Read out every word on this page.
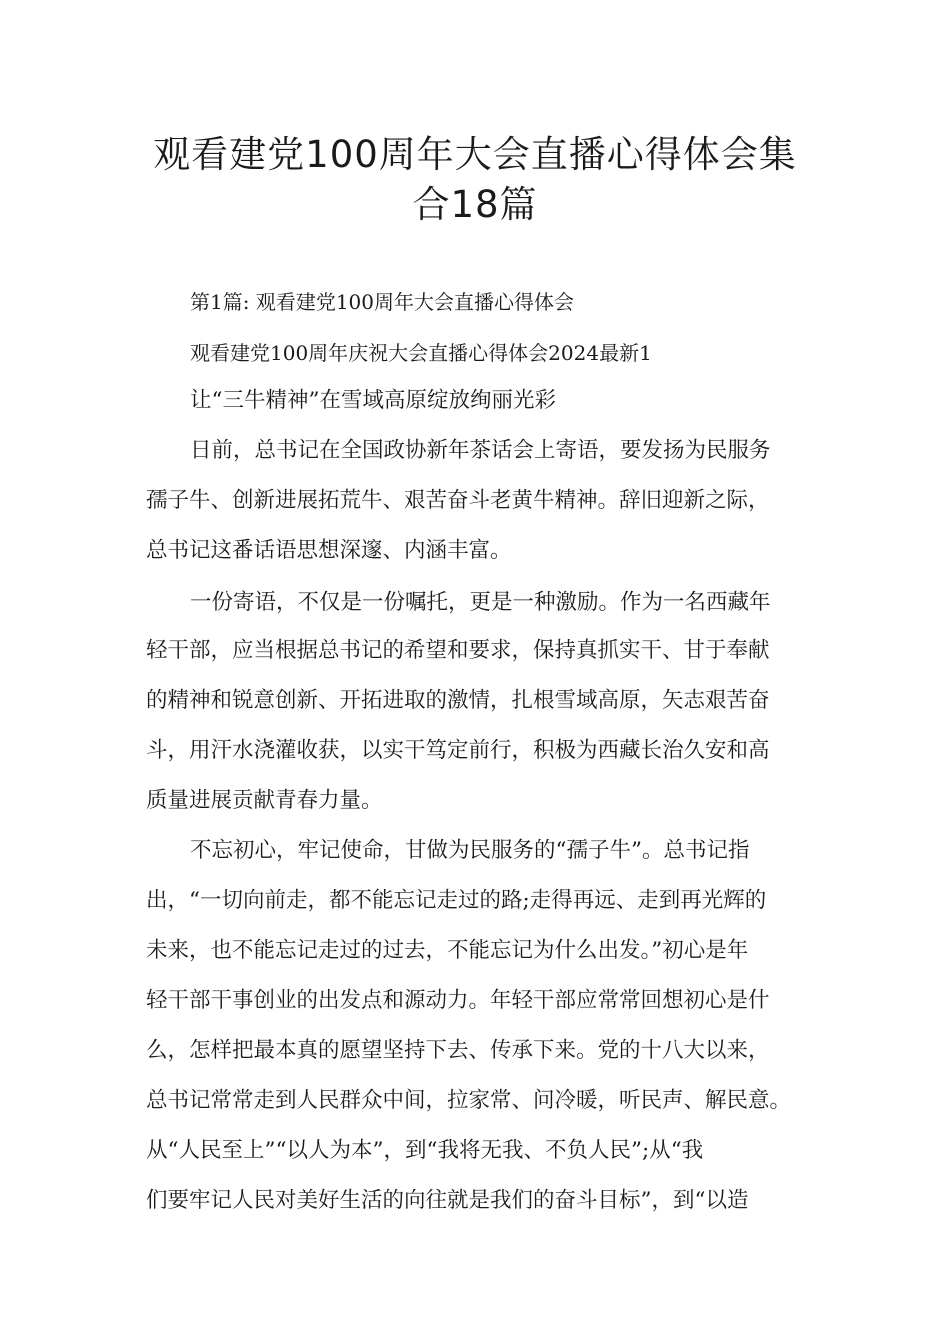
观看建党100周年大会直播心得体会集
合18篇

第1篇: 观看建党100周年大会直播心得体会

观看建党100周年庆祝大会直播心得体会2024最新1

让“三牛精神”在雪域高原绽放绚丽光彩

日前，总书记在全国政协新年茶话会上寄语，要发扬为民服务

孺子牛、创新进展拓荒牛、艰苦奋斗老黄牛精神。辞旧迎新之际，

总书记这番话语思想深邃、内涵丰富。

一份寄语，不仅是一份嘱托，更是一种激励。作为一名西藏年

轻干部，应当根据总书记的希望和要求，保持真抓实干、甘于奉献

的精神和锐意创新、开拓进取的激情，扎根雪域高原，矢志艰苦奋

斗，用汗水浇灌收获，以实干笃定前行，积极为西藏长治久安和高

质量进展贡献青春力量。

不忘初心，牢记使命，甘做为民服务的“孺子牛”。总书记指

出，“一切向前走，都不能忘记走过的路;走得再远、走到再光辉的

未来，也不能忘记走过的过去，不能忘记为什么出发。”初心是年

轻干部干事创业的出发点和源动力。年轻干部应常常回想初心是什

么，怎样把最本真的愿望坚持下去、传承下来。党的十八大以来，

总书记常常走到人民群众中间，拉家常、问冷暖，听民声、解民意。

从“人民至上”“以人为本”，到“我将无我、不负人民”;从“我

们要牢记人民对美好生活的向往就是我们的奋斗目标”，到“以造
